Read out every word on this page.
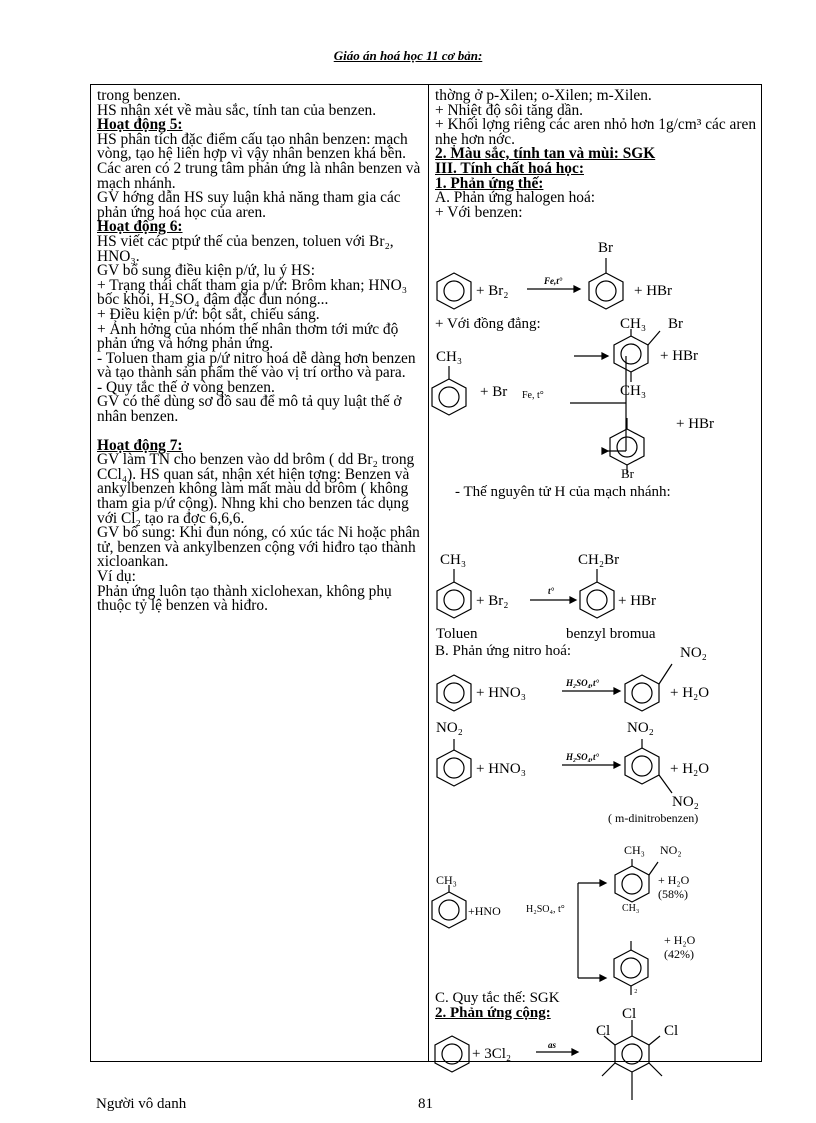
Giáo án hoá học 11 cơ bản:

trong benzen.

HS nhận xét về màu sắc, tính tan của benzen.

Hoạt động 5:

HS phân tích đặc điểm cấu tạo nhân benzen: mạch vòng, tạo hệ liên hợp vì vậy nhân benzen khá bền. Các aren có 2 trung tâm phản ứng là nhân benzen và mạch nhánh.

GV hớng dẫn HS suy luận khả năng tham gia các phản ứng hoá học của aren.

Hoạt động 6:

HS viết các ptpứ thế của benzen, toluen với Br₂, HNO₃.

GV bổ sung điều kiện p/ứ, lu ý HS:

+ Trạng thái chất tham gia p/ứ: Brôm khan; HNO₃ bốc khói, H₂SO₄ đậm đặc đun nóng...

+ Điều kiện p/ứ: bột sắt, chiếu sáng.

+ Ảnh hởng của nhóm thế nhân thơm tới mức độ phản ứng và hớng phản ứng.

- Toluen tham gia p/ứ nitro hoá dễ dàng hơn benzen và tạo thành sản phẩm thế vào vị trí ortho và para.

- Quy tắc thế ở vòng benzen.

GV có thể dùng sơ đồ sau để mô tả quy luật thế ở nhân benzen.

Hoạt động 7:

GV làm TN cho benzen vào dd brôm ( dd Br₂ trong CCl₄). HS quan sát, nhận xét hiện tợng: Benzen và ankylbenzen không làm mất màu dd brôm ( không tham gia p/ứ cộng). Nhng khi cho benzen tác dụng với Cl₂ tạo ra đợc 6,6,6.

GV bổ sung: Khi đun nóng, có xúc tác Ni hoặc phân tử, benzen và ankylbenzen cộng với hiđro tạo thành xicloankan.

Ví dụ:

Phản ứng luôn tạo thành xiclohexan, không phụ thuộc tỷ lệ benzen và hiđro.

thờng ở p-Xilen; o-Xilen; m-Xilen.

+ Nhiệt độ sôi tăng dần.

+ Khối lợng riêng các aren nhỏ hơn 1g/cm³ các aren nhẹ hơn nớc.

2. Màu sắc, tính tan và mùi: SGK

III. Tính chất hoá học:

1. Phản ứng thế:

A. Phản ứng halogen hoá:

+ Với benzen:

+ Br₂
Fe,t°
Br
+ HBr
+ Với đồng đẳng:
CH₃
CH₃ Br
CH₃
Br
+ Br Fe, t°
+ HBr
+ HBr
- Thế nguyên tử H của mạch nhánh:
CH₃	CH₂Br
+ Br₂
t°
+ HBr
Toluen	benzyl bromua
B. Phản ứng nitro hoá:	NO₂
+ HNO₃
H₂SO₄,t°
+ H₂O
NO₂	NO₂
+ HNO₃
H₂SO₄,t°
+ H₂O
NO₂
( m-dinitrobenzen)
CH₃
CH₃ NO₂
+HNO	H₂SO₄, t°
+ H₂O
(58%)
CH₃
+ H₂O
(42%)
₂
C. Quy tắc thế: SGK
2. Phản ứng cộng:
+ 3Cl₂
as
Cl
Cl	Cl
Người vô danh	81
